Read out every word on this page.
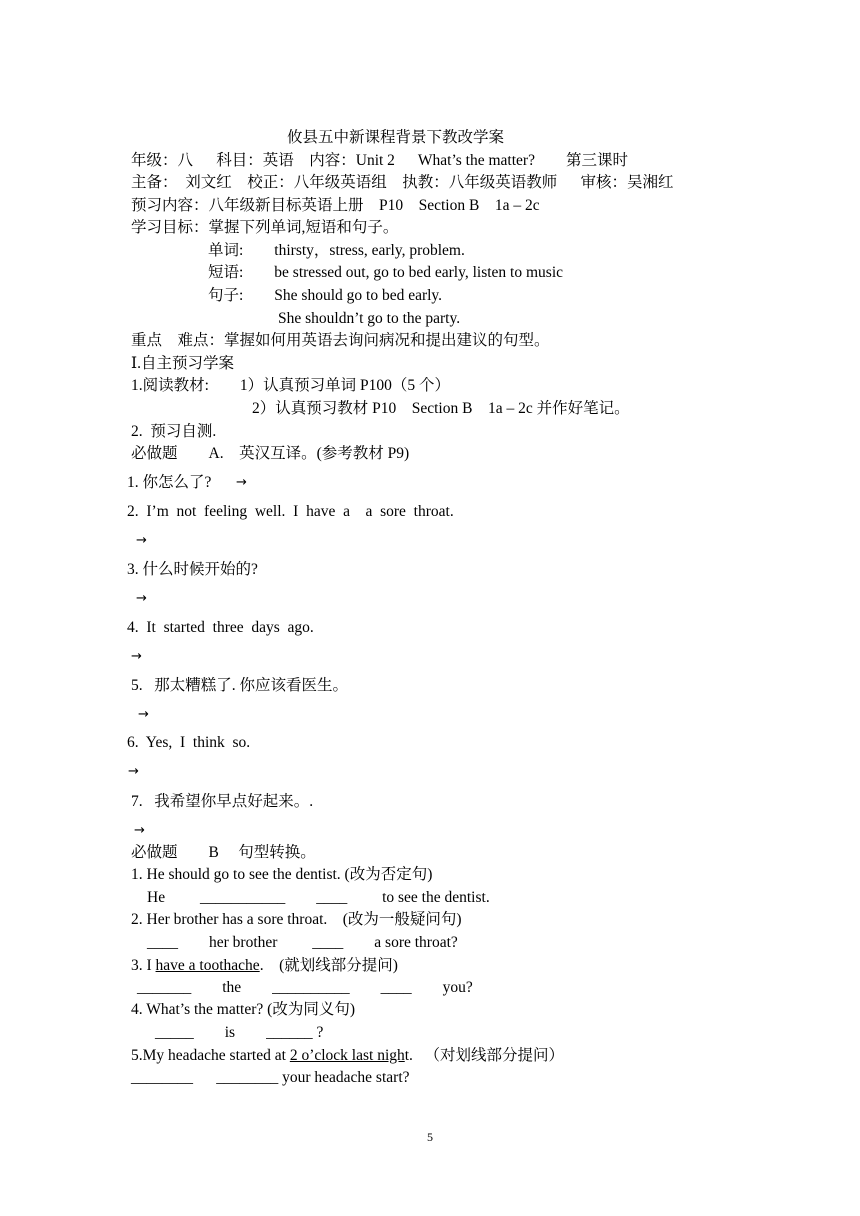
攸县五中新课程背景下教改学案
年级：八      科目：英语    内容：Unit 2      What’s the matter?        第三课时
主备：  刘文红    校正：八年级英语组    执教：八年级英语教师      审核：吴湘红
预习内容：八年级新目标英语上册    P10    Section B    1a – 2c
学习目标：掌握下列单词,短语和句子。
单词:        thirsty，stress, early, problem.
短语:        be stressed out, go to bed early, listen to music
句子:        She should go to bed early.
She shouldn’t go to the party.
重点    难点：掌握如何用英语去询问病况和提出建议的句型。
Ⅰ.自主预习学案
1.阅读教材:        1）认真预习单词 P100（5 个）
2）认真预习教材 P10    Section B    1a – 2c 并作好笔记。
2.  预习自测.
必做题        A.    英汉互译。(参考教材 P9)
1. 你怎么了? →
2.  I’m  not  feeling  well.  I  have  a    a  sore  throat.
→
3. 什么时候开始的?
→
4.  It  started  three  days  ago.
→
5.   那太糟糕了. 你应该看医生。
→
6.  Yes,  I  think  so.
→
7.   我希望你早点好起来。.
→
必做题        B     句型转换。
1. He should go to see the dentist. (改为否定句)
He         ___________        ____         to see the dentist.
2. Her brother has a sore throat.    (改为一般疑问句)
____        her brother         ____        a sore throat?
3. I have a toothache.    (就划线部分提问)
_______        the        __________        ____        you?
4. What’s the matter? (改为同义句)
_____        is        ______ ?
5.My headache started at 2 o’clock last night.   （对划线部分提问）
________      ________ your headache start?
5
